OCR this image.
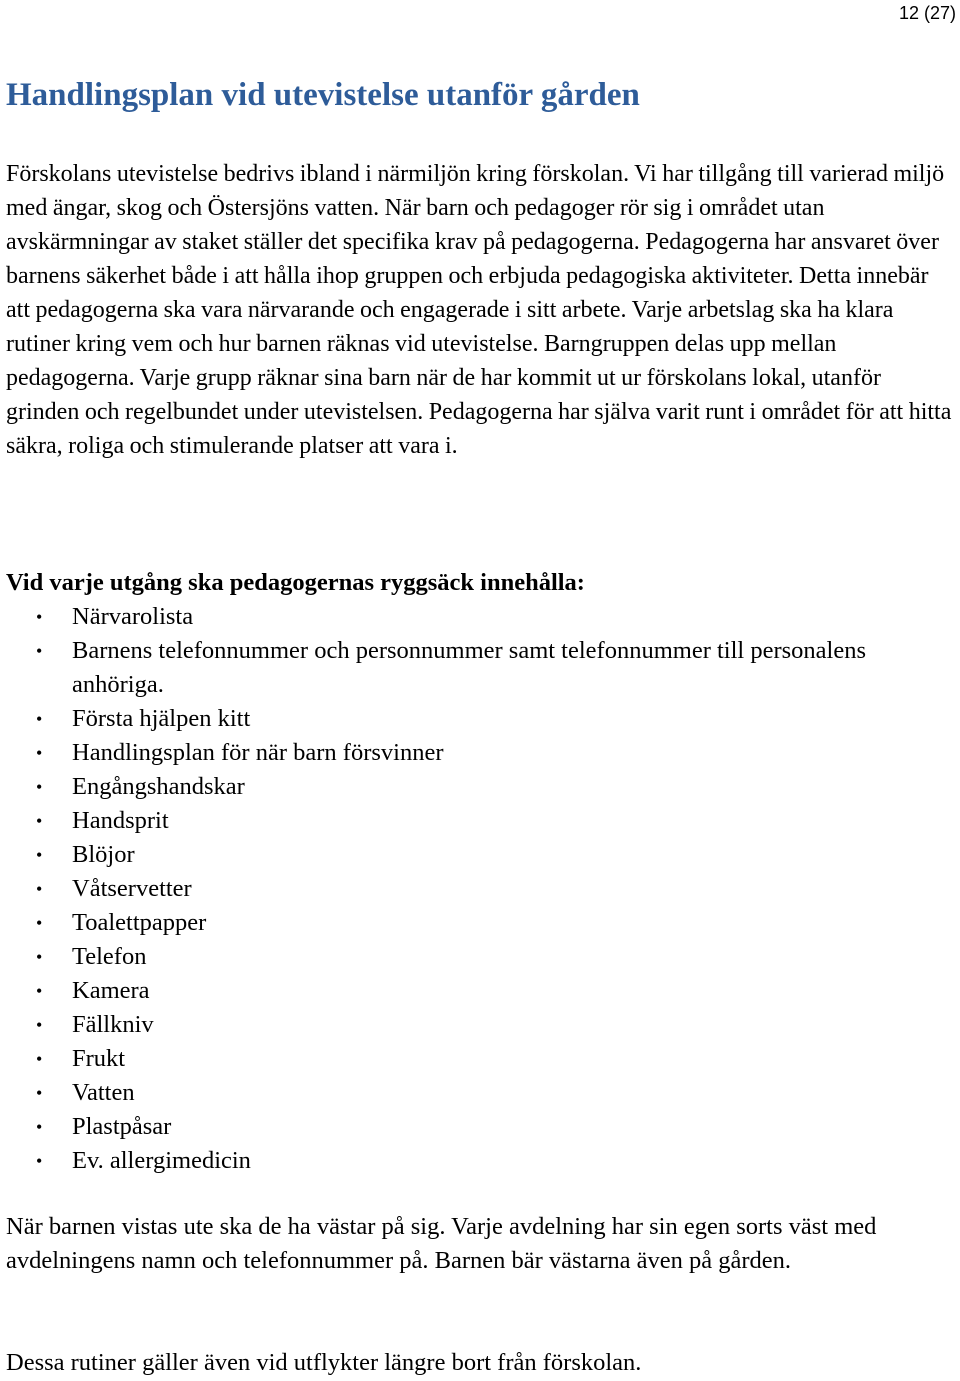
12 (27)
Handlingsplan vid utevistelse utanför gården

Förskolans utevistelse bedrivs ibland i närmiljön kring förskolan. Vi har tillgång till varierad miljö med ängar, skog och Östersjöns vatten. När barn och pedagoger rör sig i området utan avskärmningar av staket ställer det specifika krav på pedagogerna. Pedagogerna har ansvaret över barnens säkerhet både i att hålla ihop gruppen och erbjuda pedagogiska aktiviteter. Detta innebär att pedagogerna ska vara närvarande och engagerade i sitt arbete. Varje arbetslag ska ha klara rutiner kring vem och hur barnen räknas vid utevistelse. Barngruppen delas upp mellan pedagogerna. Varje grupp räknar sina barn när de har kommit ut ur förskolans lokal, utanför grinden och regelbundet under utevistelsen. Pedagogerna har själva varit runt i området för att hitta säkra, roliga och stimulerande platser att vara i.

Vid varje utgång ska pedagogernas ryggsäck innehålla:

• Närvarolista
• Barnens telefonnummer och personnummer samt telefonnummer till personalens anhöriga.
• Första hjälpen kitt
• Handlingsplan för när barn försvinner
• Engångshandskar
• Handsprit
• Blöjor
• Våtservetter
• Toalettpapper
• Telefon
• Kamera
• Fällkniv
• Frukt
• Vatten
• Plastpåsar
• Ev. allergimedicin

När barnen vistas ute ska de ha västar på sig. Varje avdelning har sin egen sorts väst med avdelningens namn och telefonnummer på. Barnen bär västarna även på gården.

Dessa rutiner gäller även vid utflykter längre bort från förskolan.
